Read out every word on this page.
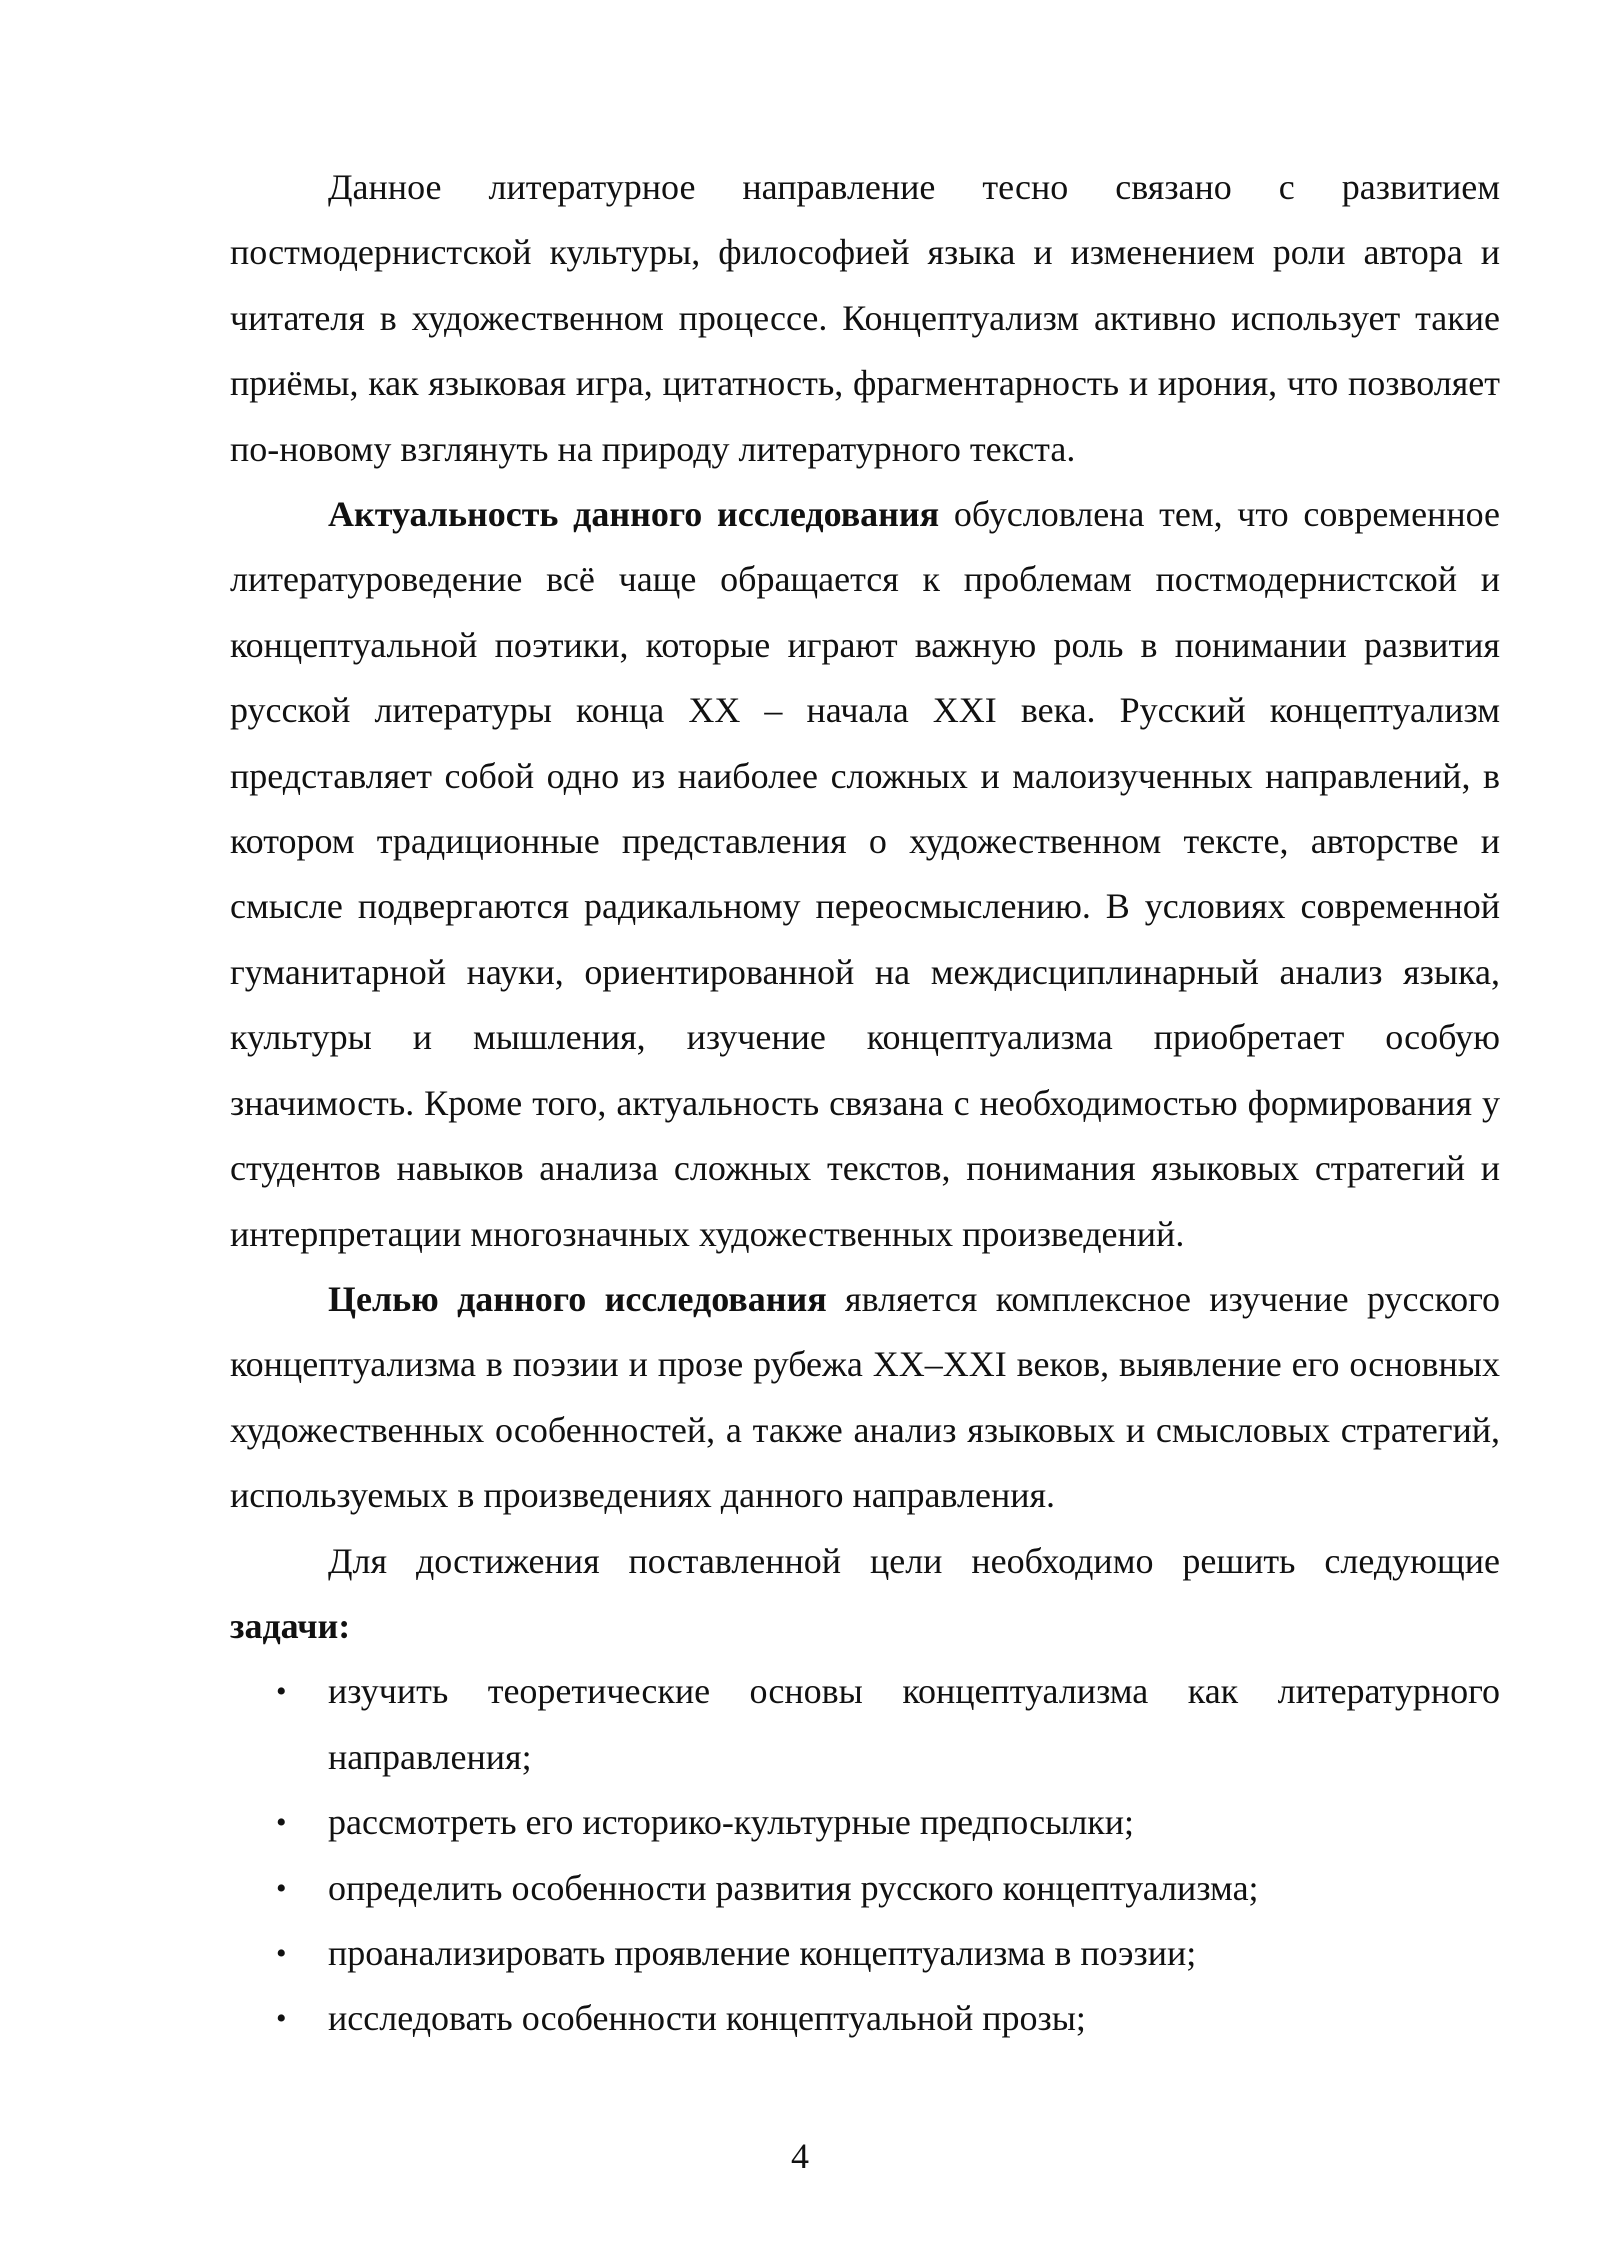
Данное литературное направление тесно связано с развитием постмодернистской культуры, философией языка и изменением роли автора и читателя в художественном процессе. Концептуализм активно использует такие приёмы, как языковая игра, цитатность, фрагментарность и ирония, что позволяет по-новому взглянуть на природу литературного текста.

Актуальность данного исследования обусловлена тем, что современное литературоведение всё чаще обращается к проблемам постмодернистской и концептуальной поэтики, которые играют важную роль в понимании развития русской литературы конца XX – начала XXI века. Русский концептуализм представляет собой одно из наиболее сложных и малоизученных направлений, в котором традиционные представления о художественном тексте, авторстве и смысле подвергаются радикальному переосмыслению. В условиях современной гуманитарной науки, ориентированной на междисциплинарный анализ языка, культуры и мышления, изучение концептуализма приобретает особую значимость. Кроме того, актуальность связана с необходимостью формирования у студентов навыков анализа сложных текстов, понимания языковых стратегий и интерпретации многозначных художественных произведений.

Целью данного исследования является комплексное изучение русского концептуализма в поэзии и прозе рубежа XX–XXI веков, выявление его основных художественных особенностей, а также анализ языковых и смысловых стратегий, используемых в произведениях данного направления.

Для достижения поставленной цели необходимо решить следующие задачи:

• изучить теоретические основы концептуализма как литературного направления;
• рассмотреть его историко-культурные предпосылки;
• определить особенности развития русского концептуализма;
• проанализировать проявление концептуализма в поэзии;
• исследовать особенности концептуальной прозы;
4
